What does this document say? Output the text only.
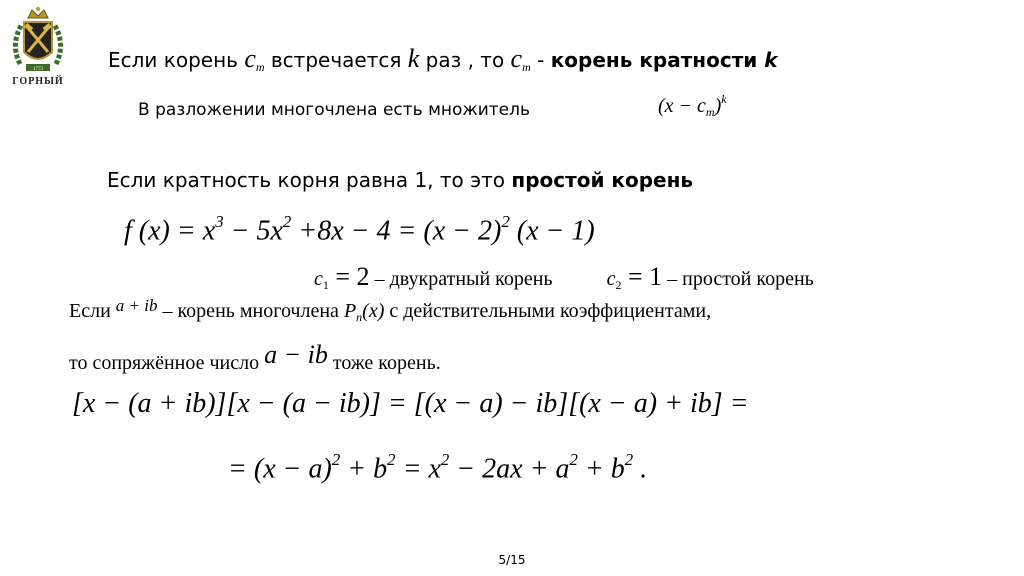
1773
ГОРНЫЙ
Если корень $c_m$ встречается k раз , то $c_m$ - корень кратности k
В разложении многочлена есть множитель	$(x - c_m)^k$
Если кратность корня равна 1, то это простой корень
f $(x) = x^3 - 5x^2 +8x - 4 = (x - 2)^2$ (x − 1)
$c_1 = 2$ – двукратный корень	$c_2 = 1$ – простой корень
Если $^{a + ib}$ – корень многочлена $P_n(x)$ с действительными коэффициентами,
то сопряжённое число a − ib тоже корень.
[x − (a + ib)][x − (a − ib)] = [(x − a) − ib][(x − a) + ib] =
= $(x - a)^2 + b^2 = x^2 - 2ax + a^2 + b^2$ .
5/15
